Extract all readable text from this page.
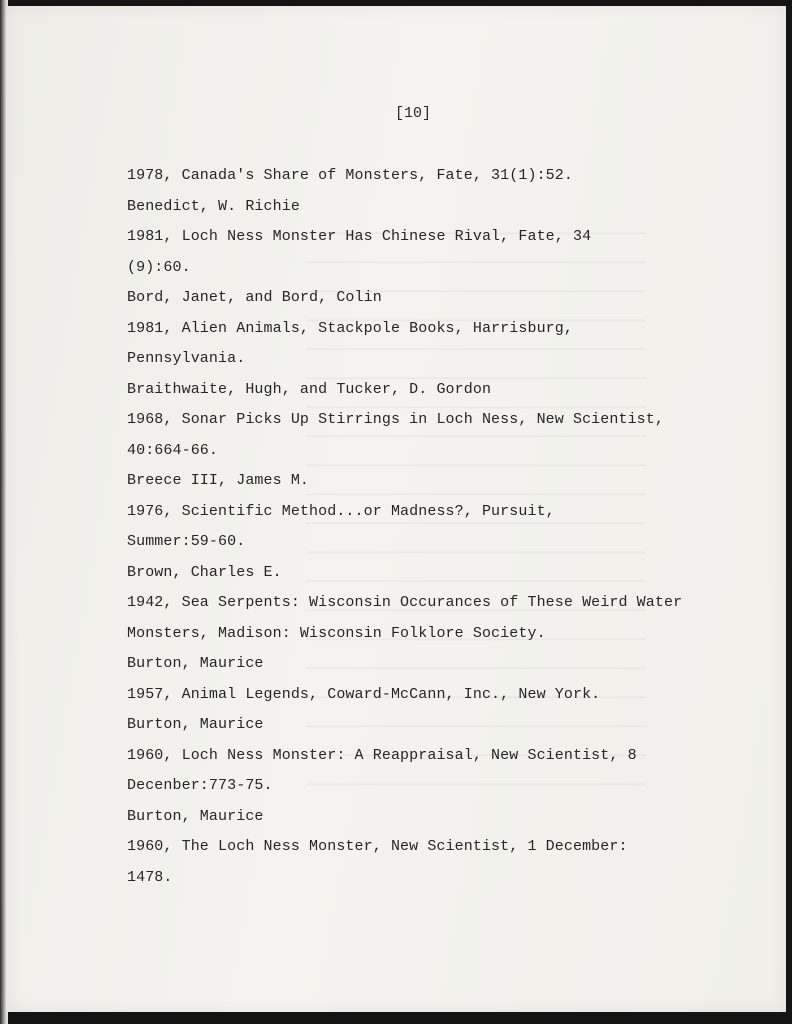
[10]
1978, Canada's Share of Monsters, Fate, 31(1):52.
Benedict, W. Richie
1981, Loch Ness Monster Has Chinese Rival, Fate, 34
(9):60.
Bord, Janet, and Bord, Colin
1981, Alien Animals, Stackpole Books, Harrisburg,
Pennsylvania.
Braithwaite, Hugh, and Tucker, D. Gordon
1968, Sonar Picks Up Stirrings in Loch Ness, New Scientist,
40:664-66.
Breece III, James M.
1976, Scientific Method...or Madness?, Pursuit,
Summer:59-60.
Brown, Charles E.
1942, Sea Serpents: Wisconsin Occurances of These Weird Water
Monsters, Madison: Wisconsin Folklore Society.
Burton, Maurice
1957, Animal Legends, Coward-McCann, Inc., New York.
Burton, Maurice
1960, Loch Ness Monster: A Reappraisal, New Scientist, 8
Decenber:773-75.
Burton, Maurice
1960, The Loch Ness Monster, New Scientist, 1 December:
1478.
